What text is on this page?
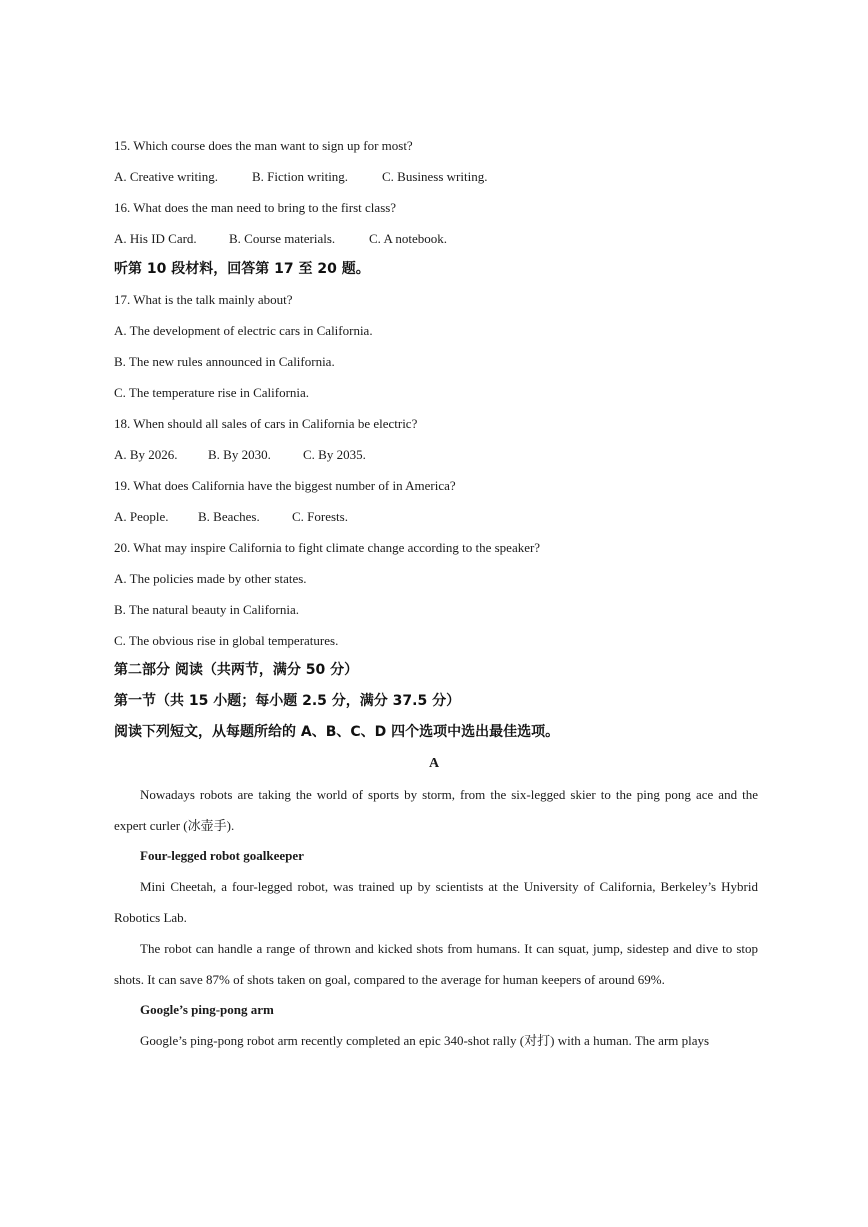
15. Which course does the man want to sign up for most?
A. Creative writing.	B. Fiction writing.	C. Business writing.
16. What does the man need to bring to the first class?
A. His ID Card. B. Course materials.	C. A notebook.
听第 10 段材料，回答第 17 至 20 题。
17. What is the talk mainly about?
A. The development of electric cars in California.
B. The new rules announced in California.
C. The temperature rise in California.
18. When should all sales of cars in California be electric?
A. By 2026. B. By 2030. C. By 2035.
19. What does California have the biggest number of in America?
A. People. B. Beaches. C. Forests.
20. What may inspire California to fight climate change according to the speaker?
A. The policies made by other states.
B. The natural beauty in California.
C. The obvious rise in global temperatures.
第二部分 阅读（共两节，满分 50 分）
第一节（共 15 小题；每小题 2.5 分，满分 37.5 分）
阅读下列短文，从每题所给的 A、B、C、D 四个选项中选出最佳选项。
A

Nowadays robots are taking the world of sports by storm, from the six-legged skier to the ping pong ace and the expert curler (冰壶手).

Four-legged robot goalkeeper

Mini Cheetah, a four-legged robot, was trained up by scientists at the University of California, Berkeley’s Hybrid Robotics Lab.

The robot can handle a range of thrown and kicked shots from humans. It can squat, jump, sidestep and dive to stop shots. It can save 87% of shots taken on goal, compared to the average for human keepers of around 69%.

Google’s ping-pong arm

Google’s ping-pong robot arm recently completed an epic 340-shot rally (对打) with a human. The arm plays
